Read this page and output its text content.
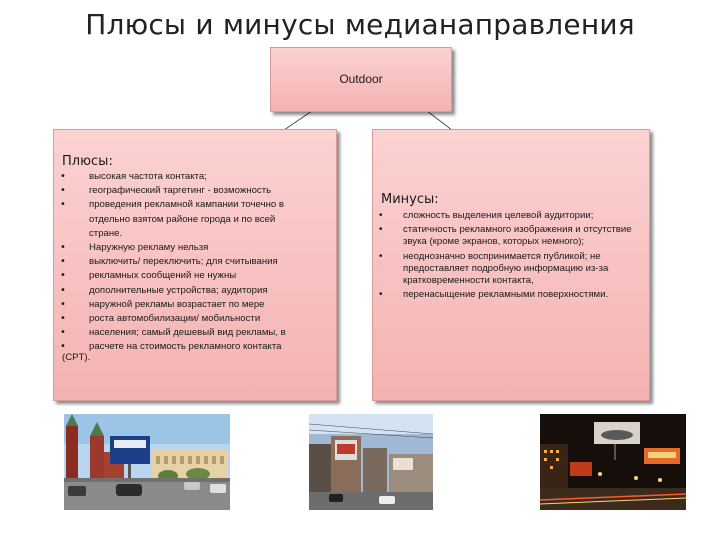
Плюсы и минусы медианаправления
Outdoor
Плюсы:
•
•
•

•
•
•
•
•
•
•
•
высокая частота контакта;
географический таргетинг - возможность
проведения рекламной кампании точечно в
отдельно взятом районе города и по всей
стране.
Наружную рекламу нельзя
выключить/ переключить; для считывания
рекламных сообщений не нужны
дополнительные устройства; аудитория
наружной рекламы возрастает по мере
роста автомобилизации/ мобильности
населения; самый дешевый вид рекламы, в
расчете на стоимость рекламного контакта
(CPT).
Минусы:
• сложность выделения целевой аудитории;
• статичность рекламного изображения и отсутствие звука (кроме экранов, которых немного);
• неоднозначно воспринимается публикой; не предоставляет подробную информацию из-за кратковременности контакта,
• перенасыщение рекламными поверхностями.
